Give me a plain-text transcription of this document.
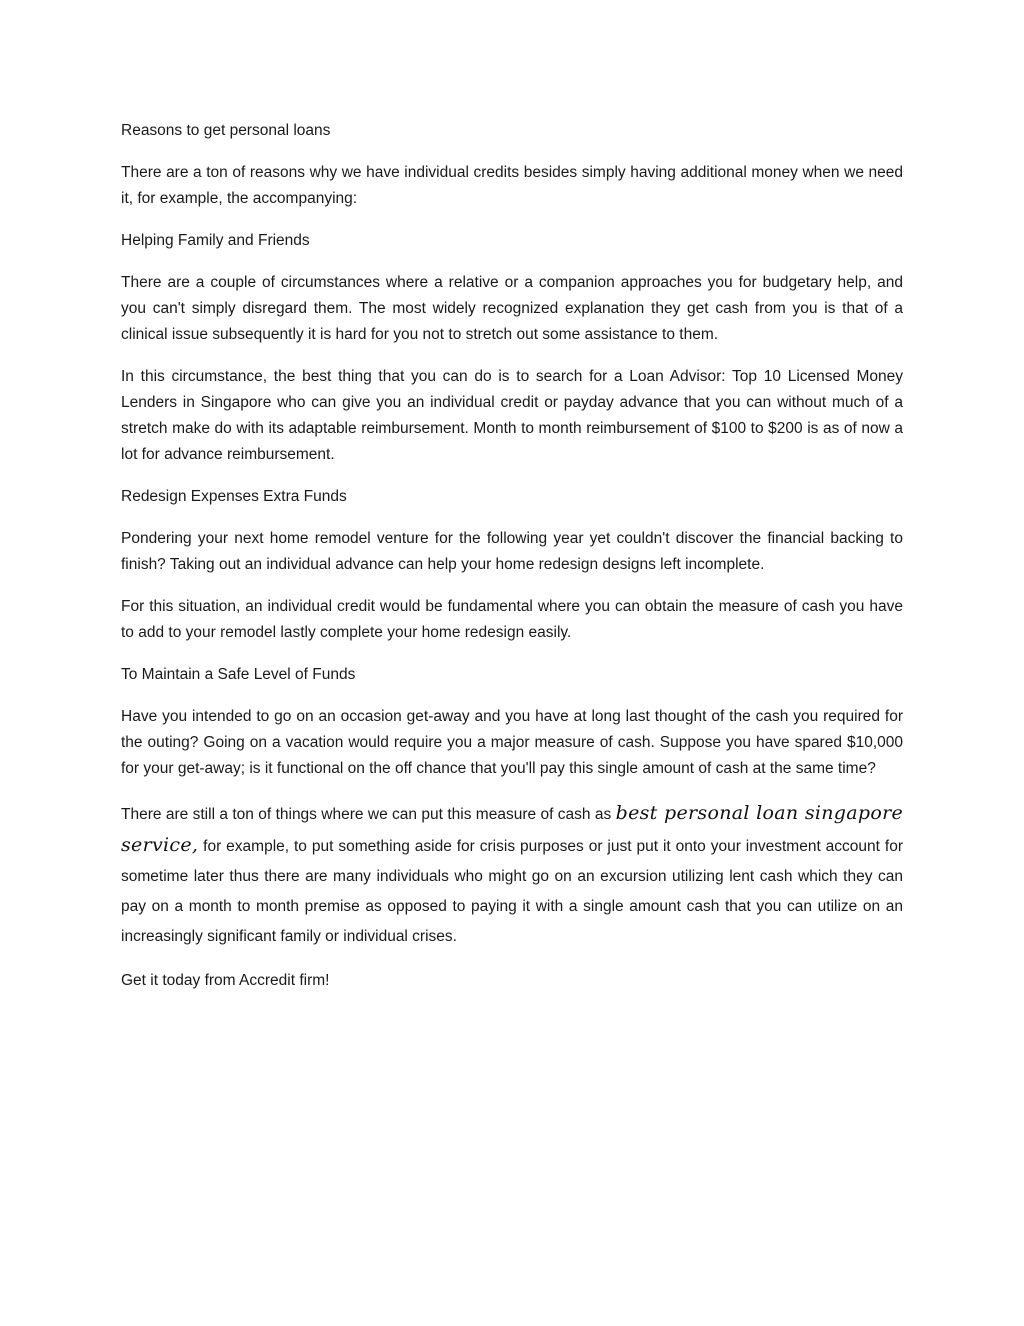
Reasons to get personal loans

There are a ton of reasons why we have individual credits besides simply having additional money when we need it, for example, the accompanying:

Helping Family and Friends

There are a couple of circumstances where a relative or a companion approaches you for budgetary help, and you can't simply disregard them. The most widely recognized explanation they get cash from you is that of a clinical issue subsequently it is hard for you not to stretch out some assistance to them.

In this circumstance, the best thing that you can do is to search for a Loan Advisor: Top 10 Licensed Money Lenders in Singapore who can give you an individual credit or payday advance that you can without much of a stretch make do with its adaptable reimbursement. Month to month reimbursement of $100 to $200 is as of now a lot for advance reimbursement.

Redesign Expenses Extra Funds

Pondering your next home remodel venture for the following year yet couldn't discover the financial backing to finish? Taking out an individual advance can help your home redesign designs left incomplete.

For this situation, an individual credit would be fundamental where you can obtain the measure of cash you have to add to your remodel lastly complete your home redesign easily.

To Maintain a Safe Level of Funds

Have you intended to go on an occasion get-away and you have at long last thought of the cash you required for the outing? Going on a vacation would require you a major measure of cash. Suppose you have spared $10,000 for your get-away; is it functional on the off chance that you'll pay this single amount of cash at the same time?

There are still a ton of things where we can put this measure of cash as best personal loan singapore service, for example, to put something aside for crisis purposes or just put it onto your investment account for sometime later thus there are many individuals who might go on an excursion utilizing lent cash which they can pay on a month to month premise as opposed to paying it with a single amount cash that you can utilize on an increasingly significant family or individual crises.

Get it today from Accredit firm!
